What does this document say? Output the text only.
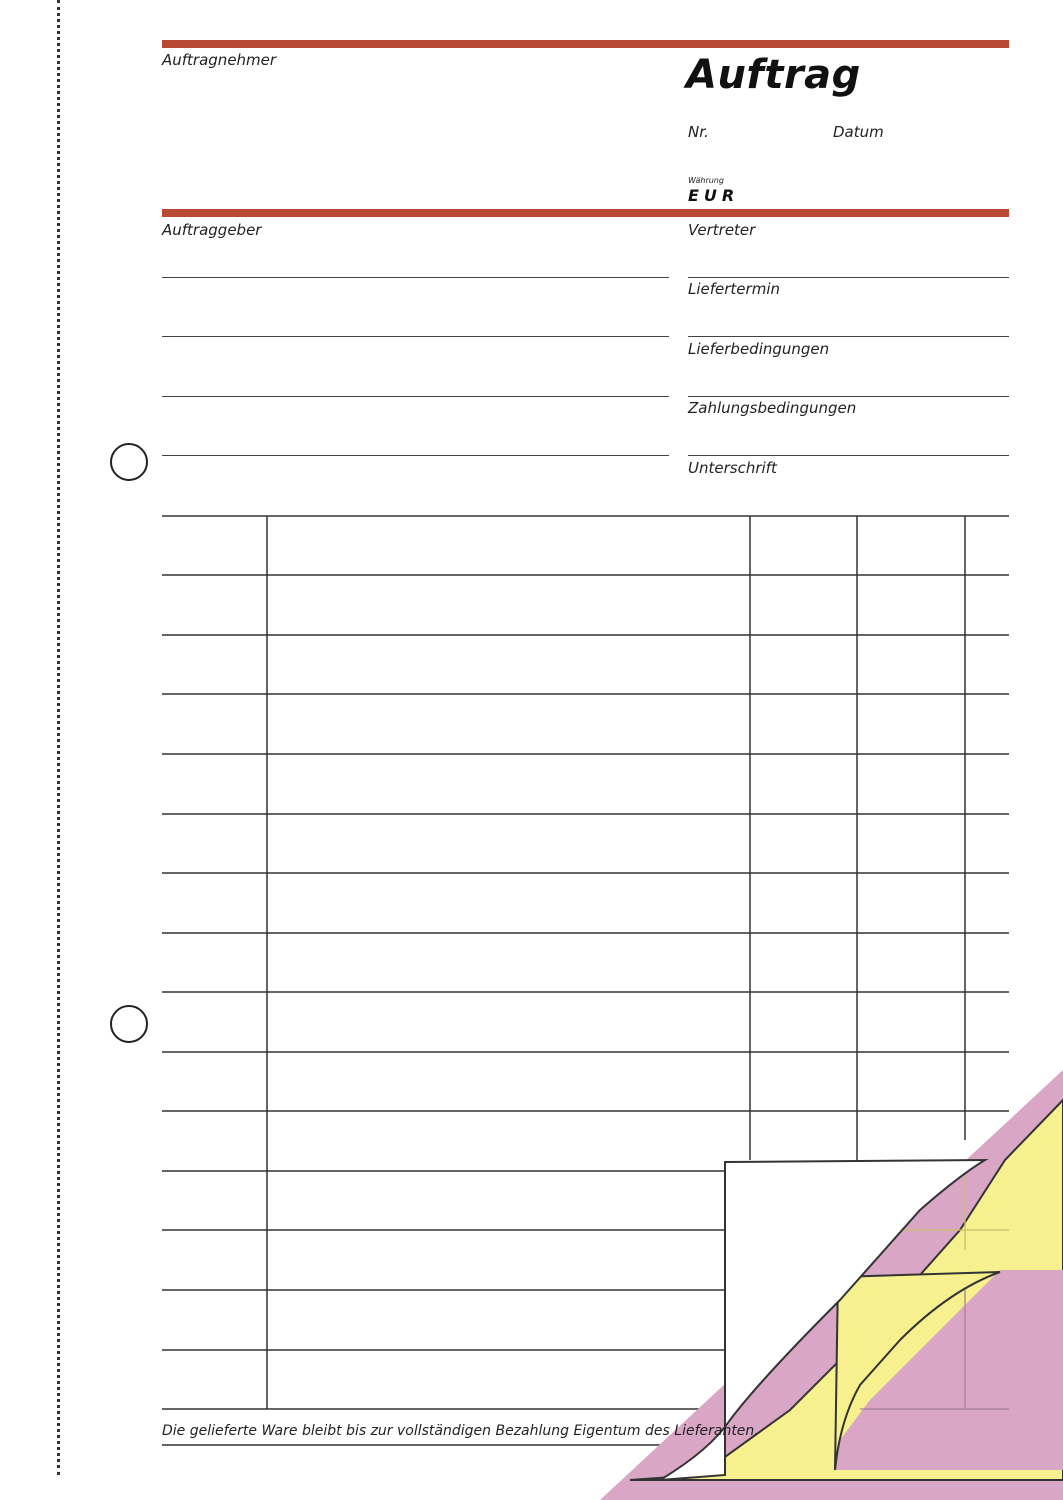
Auftragnehmer	Auftrag
Nr.	Datum
Währung
EUR
Auftraggeber	Vertreter
Liefertermin
Lieferbedingungen
Zahlungsbedingungen
Unterschrift
Die gelieferte Ware bleibt bis zur vollständigen Bezahlung Eigentum des Lieferanten.
